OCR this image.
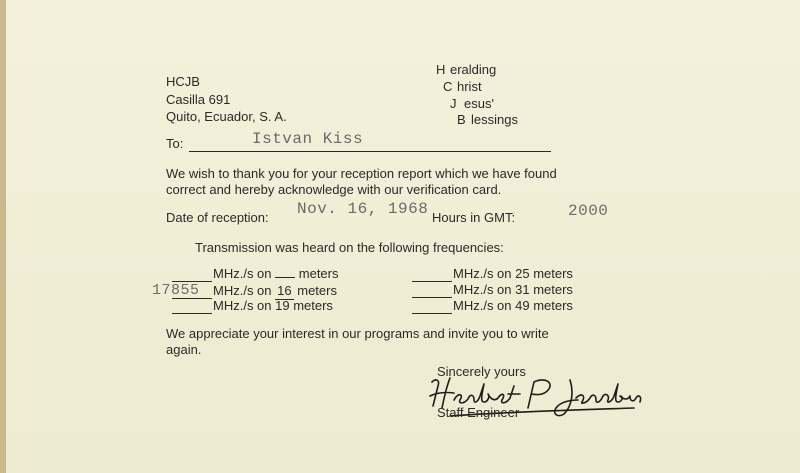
HCJB
Casilla 691
Quito, Ecuador, S. A.
H eralding
C hrist
J esus'
B lessings
To:	Istvan Kiss
We wish to thank you for your reception report which we have found
correct and hereby acknowledge with our verification card.
Date of reception: Nov. 16, 1968 Hours in GMT:	2000
Transmission was heard on the following frequencies:
MHz./s on meters
17855 MHz./s on 16 meters
MHz./s on 19 meters
MHz./s on 25 meters
MHz./s on 31 meters
MHz./s on 49 meters
We appreciate your interest in our programs and invite you to write
again.
Sincerely yours
Staff Engineer
